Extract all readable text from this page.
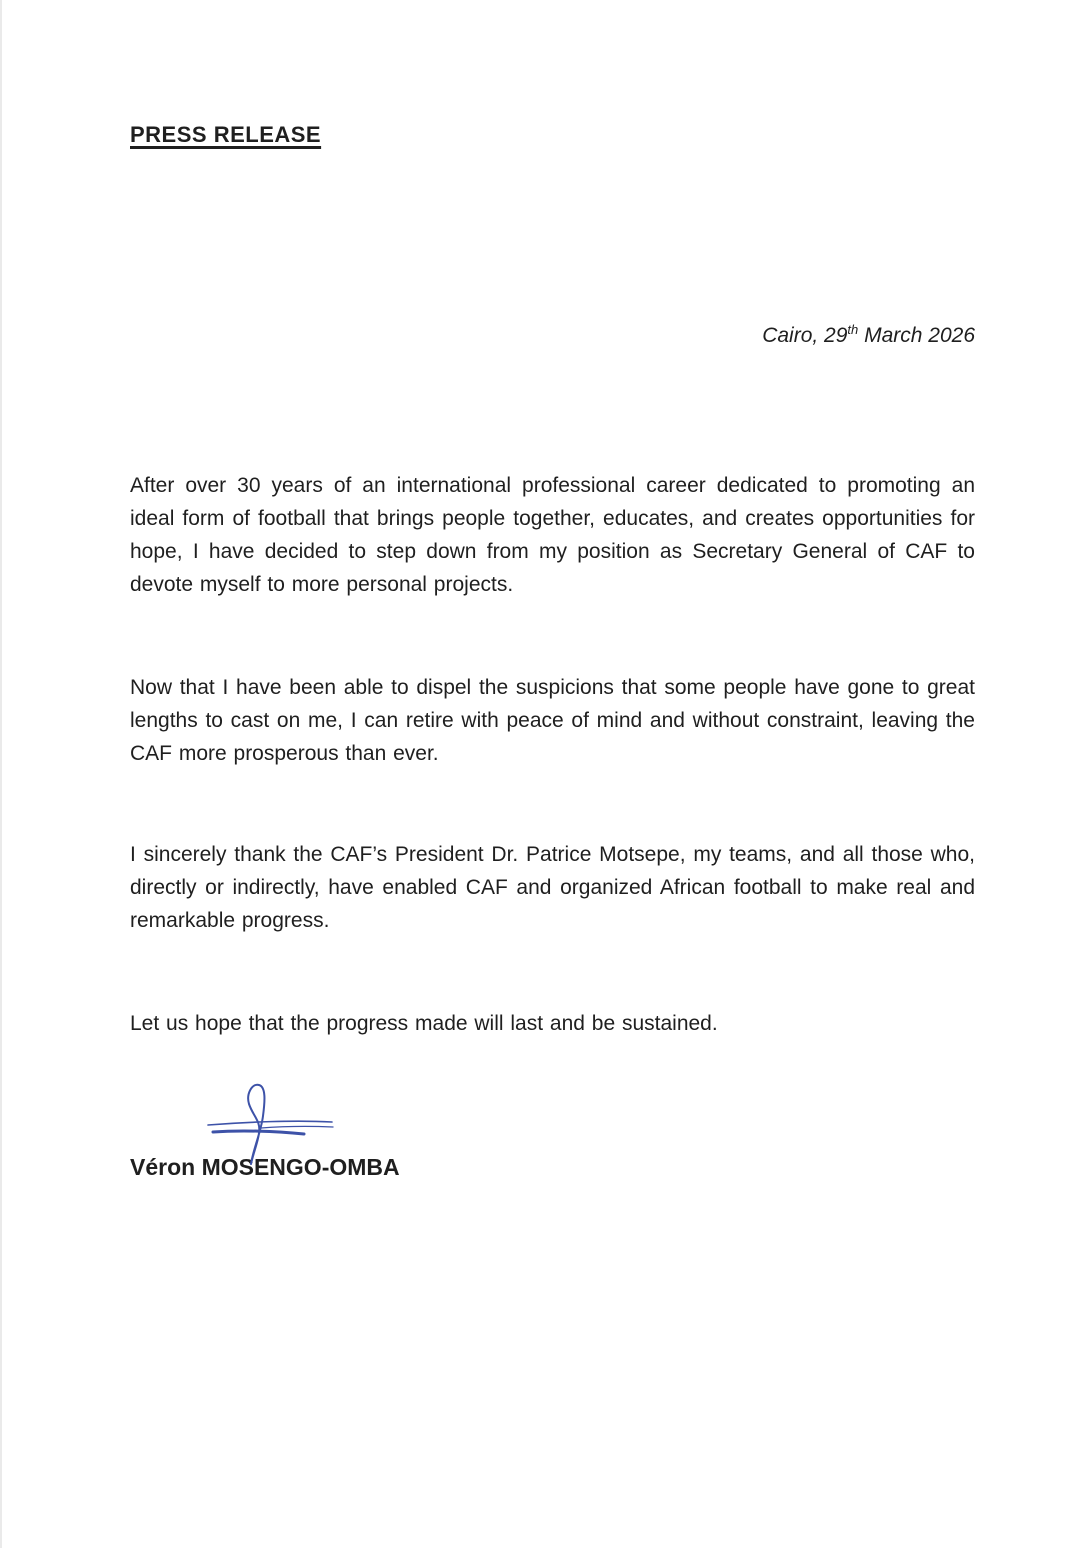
PRESS RELEASE
Cairo, 29th March 2026

After over 30 years of an international professional career dedicated to promoting an ideal form of football that brings people together, educates, and creates opportunities for hope, I have decided to step down from my position as Secretary General of CAF to devote myself to more personal projects.

Now that I have been able to dispel the suspicions that some people have gone to great lengths to cast on me, I can retire with peace of mind and without constraint, leaving the CAF more prosperous than ever.

I sincerely thank the CAF’s President Dr. Patrice Motsepe, my teams, and all those who, directly or indirectly, have enabled CAF and organized African football to make real and remarkable progress.

Let us hope that the progress made will last and be sustained.

Véron MOSENGO-OMBA
